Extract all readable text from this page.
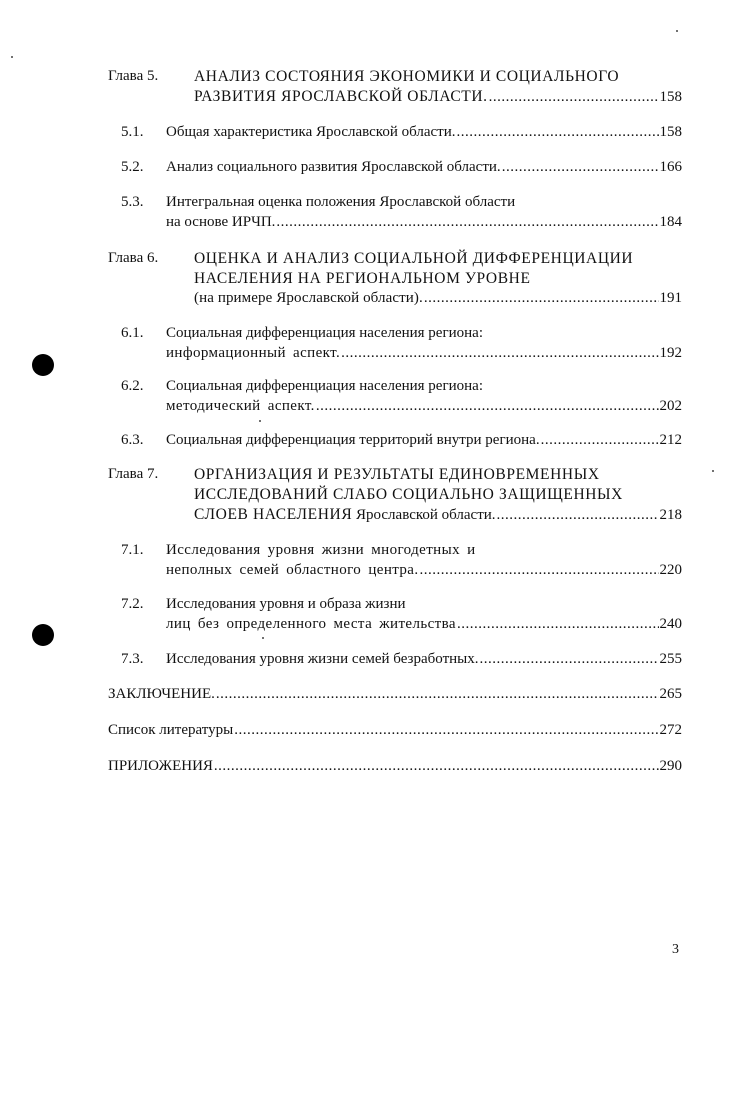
Глава 5. АНАЛИЗ СОСТОЯНИЯ ЭКОНОМИКИ И СОЦИАЛЬНОГО
РАЗВИТИЯ ЯРОСЛАВСКОЙ ОБЛАСТИ. .....	158
5.1. Общая характеристика Ярославской области. .....	158
5.2. Анализ социального развития Ярославской области. .....	166
5.3. Интегральная оценка положения Ярославской области
на основе ИРЧП. .....	184
Глава 6. ОЦЕНКА И АНАЛИЗ СОЦИАЛЬНОЙ ДИФФЕРЕНЦИАЦИИ
НАСЕЛЕНИЯ НА РЕГИОНАЛЬНОМ УРОВНЕ
(на примере Ярославской области). .....	191
6.1. Социальная дифференциация населения региона:
информационный аспект. .....	192
6.2. Социальная дифференциация населения региона:
методический аспект. .....	202
6.3. Социальная дифференциация территорий внутри региона. .....	212
Глава 7. ОРГАНИЗАЦИЯ И РЕЗУЛЬТАТЫ ЕДИНОВРЕМЕННЫХ
ИССЛЕДОВАНИЙ СЛАБО СОЦИАЛЬНО ЗАЩИЩЕННЫХ
СЛОЕВ НАСЕЛЕНИЯ Ярославской области. .....	218
7.1. Исследования уровня жизни многодетных и
неполных семей областного центра. .....	220
7.2. Исследования уровня и образа жизни
лиц без определенного места жительства .....	240
7.3. Исследования уровня жизни семей безработных. .....	255
ЗАКЛЮЧЕНИЕ. .....	265
Список литературы .....	272
ПРИЛОЖЕНИЯ .....	290
3
